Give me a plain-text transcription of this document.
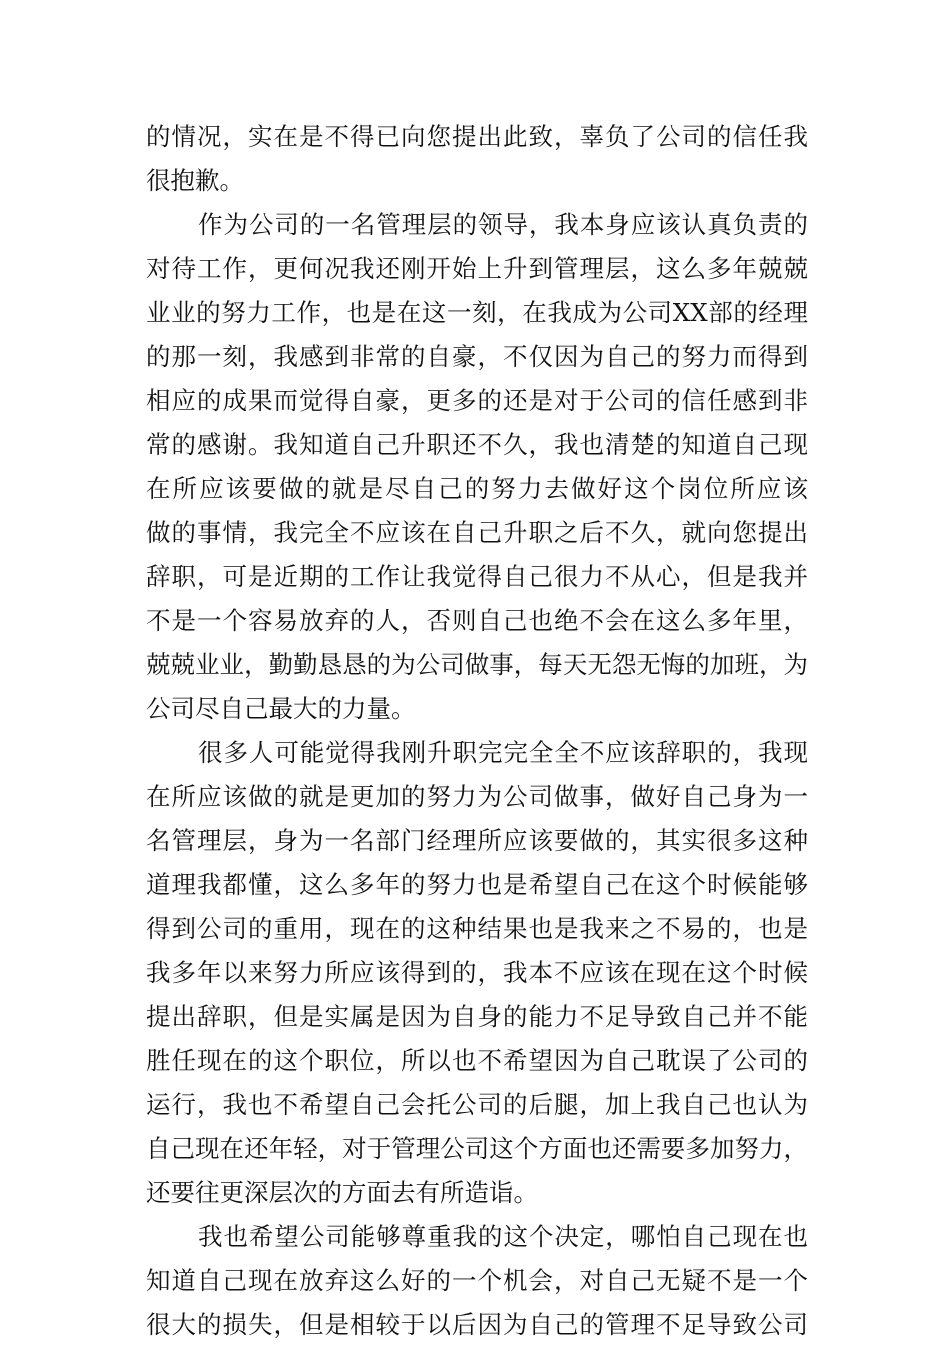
的情况，实在是不得已向您提出此致，辜负了公司的信任我
很抱歉。
作为公司的一名管理层的领导，我本身应该认真负责的
对待工作，更何况我还刚开始上升到管理层，这么多年兢兢
业业的努力工作，也是在这一刻，在我成为公司XX部的经理
的那一刻，我感到非常的自豪，不仅因为自己的努力而得到
相应的成果而觉得自豪，更多的还是对于公司的信任感到非
常的感谢。我知道自己升职还不久，我也清楚的知道自己现
在所应该要做的就是尽自己的努力去做好这个岗位所应该
做的事情，我完全不应该在自己升职之后不久，就向您提出
辞职，可是近期的工作让我觉得自己很力不从心，但是我并
不是一个容易放弃的人，否则自己也绝不会在这么多年里，
兢兢业业，勤勤恳恳的为公司做事，每天无怨无悔的加班，为
公司尽自己最大的力量。
很多人可能觉得我刚升职完完全全不应该辞职的，我现
在所应该做的就是更加的努力为公司做事，做好自己身为一
名管理层，身为一名部门经理所应该要做的，其实很多这种
道理我都懂，这么多年的努力也是希望自己在这个时候能够
得到公司的重用，现在的这种结果也是我来之不易的，也是
我多年以来努力所应该得到的，我本不应该在现在这个时候
提出辞职，但是实属是因为自身的能力不足导致自己并不能
胜任现在的这个职位，所以也不希望因为自己耽误了公司的
运行，我也不希望自己会托公司的后腿，加上我自己也认为
自己现在还年轻，对于管理公司这个方面也还需要多加努力，
还要往更深层次的方面去有所造诣。
我也希望公司能够尊重我的这个决定，哪怕自己现在也
知道自己现在放弃这么好的一个机会，对自己无疑不是一个
很大的损失，但是相较于以后因为自己的管理不足导致公司
